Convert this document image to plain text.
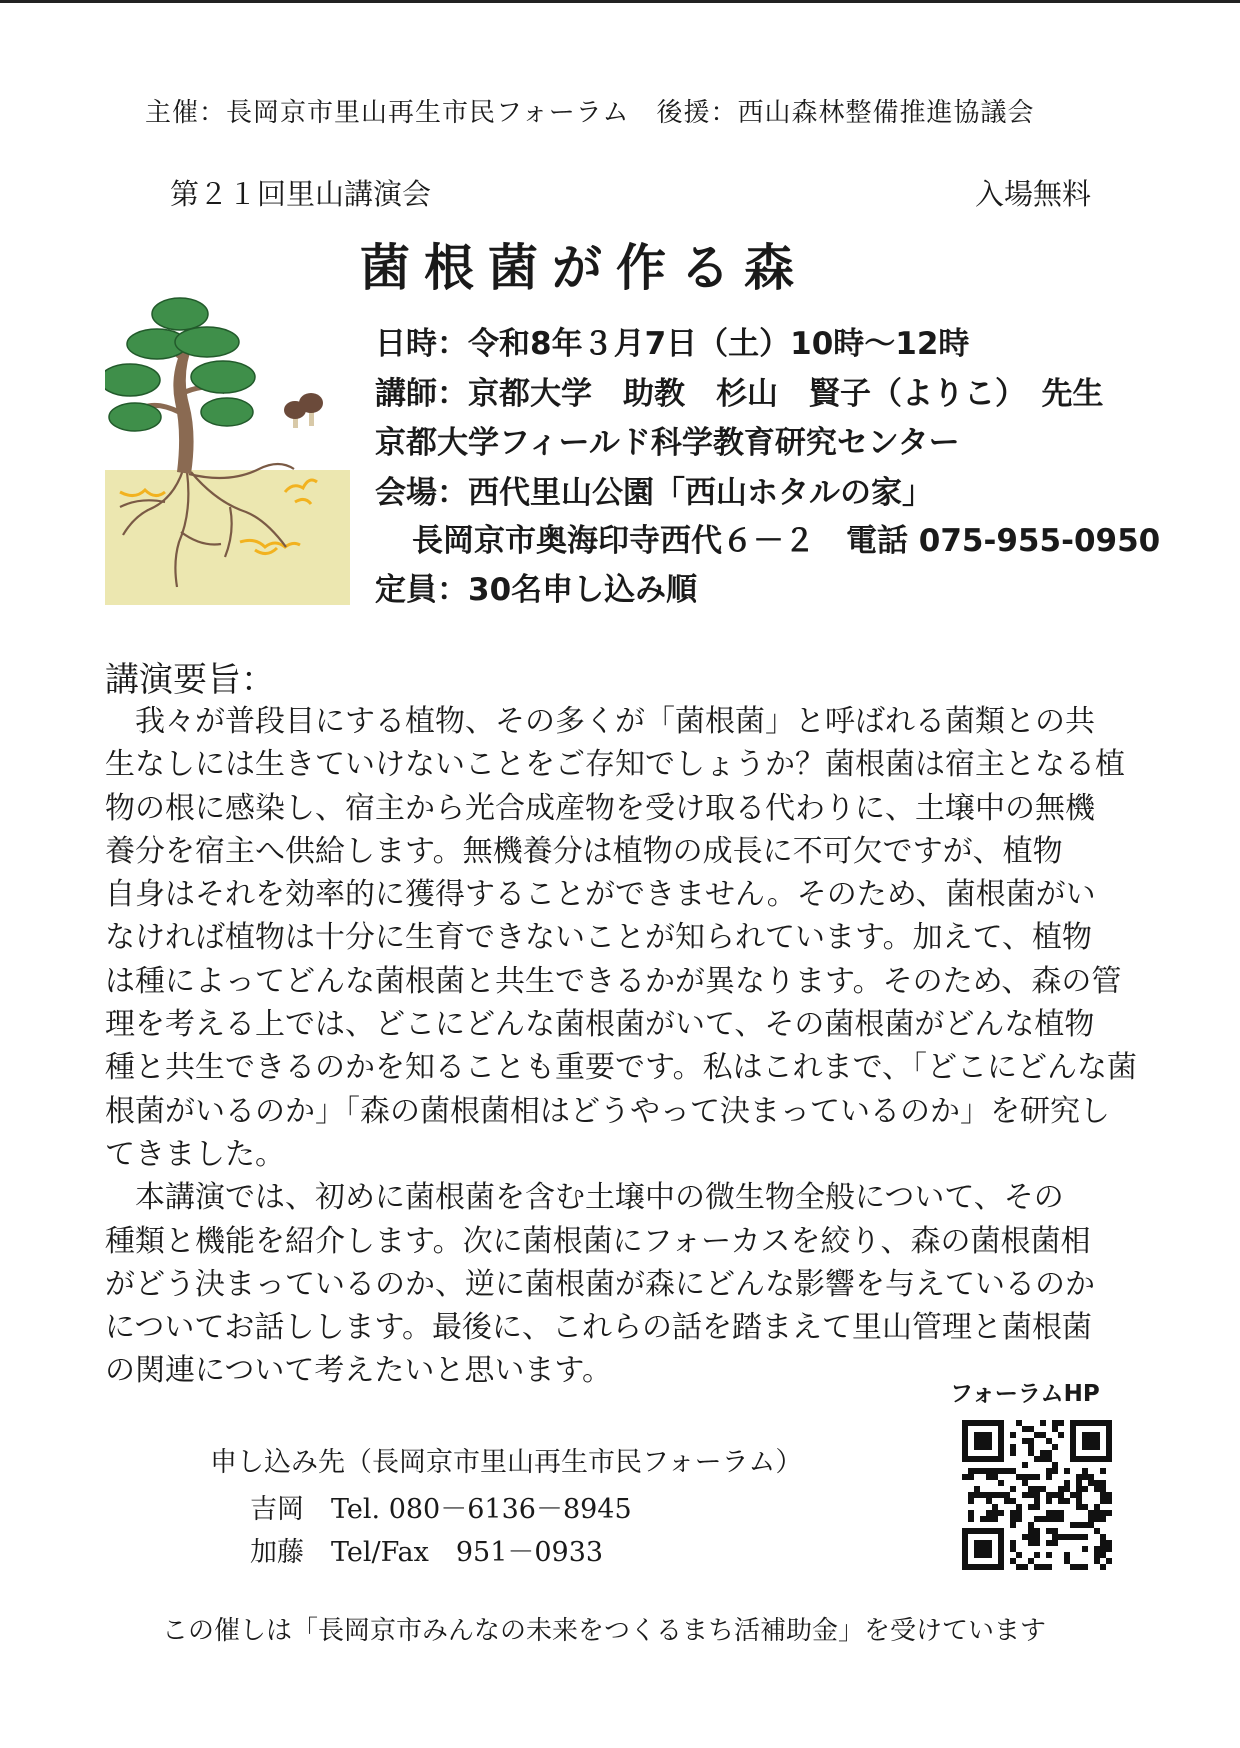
主催：長岡京市里山再生市民フォーラム　後援：西山森林整備推進協議会
第２１回里山講演会	入場無料
菌根菌が作る森
日時：令和8年３月7日（土）10時～12時
講師：京都大学　助教　杉山　賢子（よりこ）　先生
京都大学フィールド科学教育研究センター
会場：西代里山公園「西山ホタルの家」
長岡京市奥海印寺西代６－２　電話 075-955-0950
定員：30名申し込み順
講演要旨：
　我々が普段目にする植物、その多くが「菌根菌」と呼ばれる菌類との共
生なしには生きていけないことをご存知でしょうか？菌根菌は宿主となる植
物の根に感染し、宿主から光合成産物を受け取る代わりに、土壌中の無機
養分を宿主へ供給します。無機養分は植物の成長に不可欠ですが、植物
自身はそれを効率的に獲得することができません。そのため、菌根菌がい
なければ植物は十分に生育できないことが知られています。加えて、植物
は種によってどんな菌根菌と共生できるかが異なります。そのため、森の管
理を考える上では、どこにどんな菌根菌がいて、その菌根菌がどんな植物
種と共生できるのかを知ることも重要です。私はこれまで、「どこにどんな菌
根菌がいるのか」「森の菌根菌相はどうやって決まっているのか」を研究し
てきました。
　本講演では、初めに菌根菌を含む土壌中の微生物全般について、その
種類と機能を紹介します。次に菌根菌にフォーカスを絞り、森の菌根菌相
がどう決まっているのか、逆に菌根菌が森にどんな影響を与えているのか
についてお話しします。最後に、これらの話を踏まえて里山管理と菌根菌
の関連について考えたいと思います。
フォーラムHP
申し込み先（長岡京市里山再生市民フォーラム）
吉岡　Tel. 080－6136－8945
加藤　Tel/Fax　951－0933
この催しは「長岡京市みんなの未来をつくるまち活補助金」を受けています
